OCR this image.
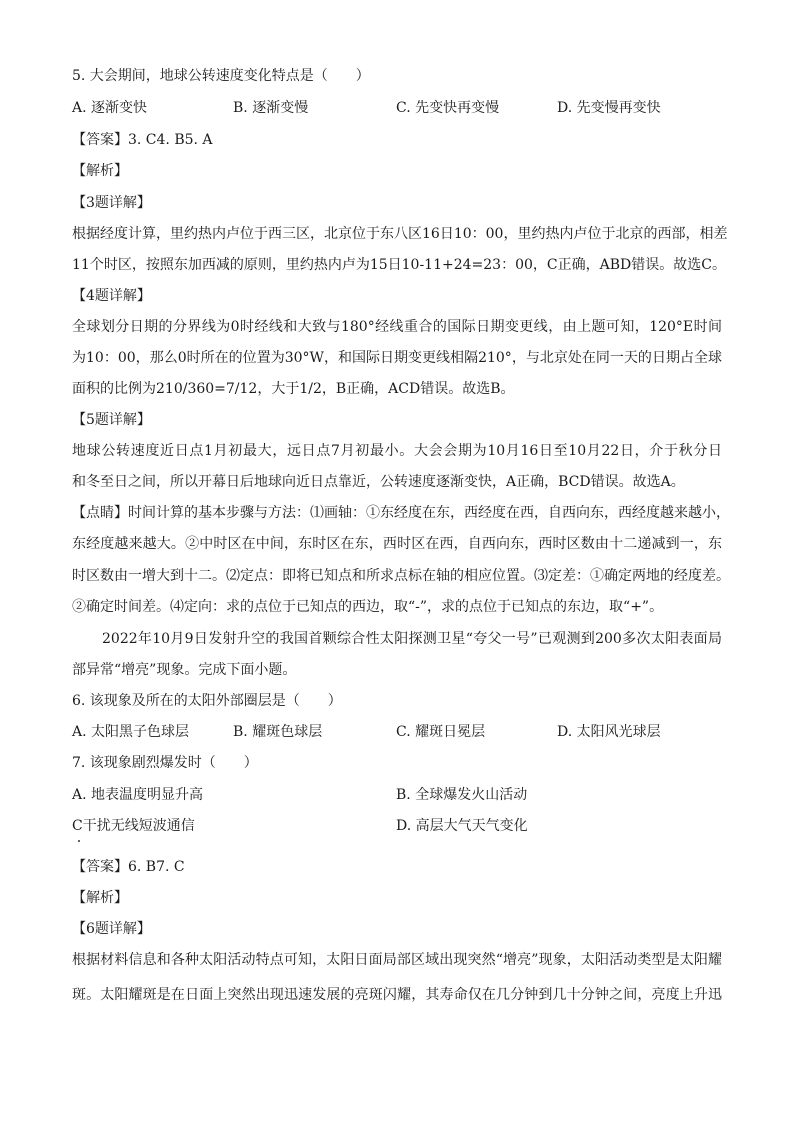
5. 大会期间，地球公转速度变化特点是（　　）
A. 逐渐变快	B. 逐渐变慢	C. 先变快再变慢	D. 先变慢再变快
【答案】3. C4. B5. A
【解析】
【3题详解】
根据经度计算，里约热内卢位于西三区，北京位于东八区16日10：00，里约热内卢位于北京的西部，相差
11个时区，按照东加西减的原则，里约热内卢为15日10-11+24=23：00，C正确，ABD错误。故选C。
【4题详解】
全球划分日期的分界线为0时经线和大致与180°经线重合的国际日期变更线，由上题可知，120°E时间
为10：00，那么0时所在的位置为30°W，和国际日期变更线相隔210°，与北京处在同一天的日期占全球
面积的比例为210/360=7/12，大于1/2，B正确，ACD错误。故选B。
【5题详解】
地球公转速度近日点1月初最大，远日点7月初最小。大会会期为10月16日至10月22日，介于秋分日
和冬至日之间，所以开幕日后地球向近日点靠近，公转速度逐渐变快，A正确，BCD错误。故选A。
【点睛】时间计算的基本步骤与方法：⑴画轴：①东经度在东，西经度在西，自西向东，西经度越来越小，
东经度越来越大。②中时区在中间，东时区在东，西时区在西，自西向东，西时区数由十二递减到一，东
时区数由一增大到十二。⑵定点：即将已知点和所求点标在轴的相应位置。⑶定差：①确定两地的经度差。
②确定时间差。⑷定向：求的点位于已知点的西边，取“-”，求的点位于已知点的东边，取“+”。
2022年10月9日发射升空的我国首颗综合性太阳探测卫星“夸父一号”已观测到200多次太阳表面局
部异常“增亮”现象。完成下面小题。
6. 该现象及所在的太阳外部圈层是（　　）
A. 太阳黑子色球层	B. 耀斑色球层	C. 耀斑日冕层	D. 太阳风光球层
7. 该现象剧烈爆发时（　　）
A. 地表温度明显升高	B. 全球爆发火山活动
C干扰无线短波通信	D. 高层大气天气变化
【答案】6. B7. C
【解析】
【6题详解】
根据材料信息和各种太阳活动特点可知，太阳日面局部区域出现突然“增亮”现象，太阳活动类型是太阳耀
斑。太阳耀斑是在日面上突然出现迅速发展的亮斑闪耀，其寿命仅在几分钟到几十分钟之间，亮度上升迅
